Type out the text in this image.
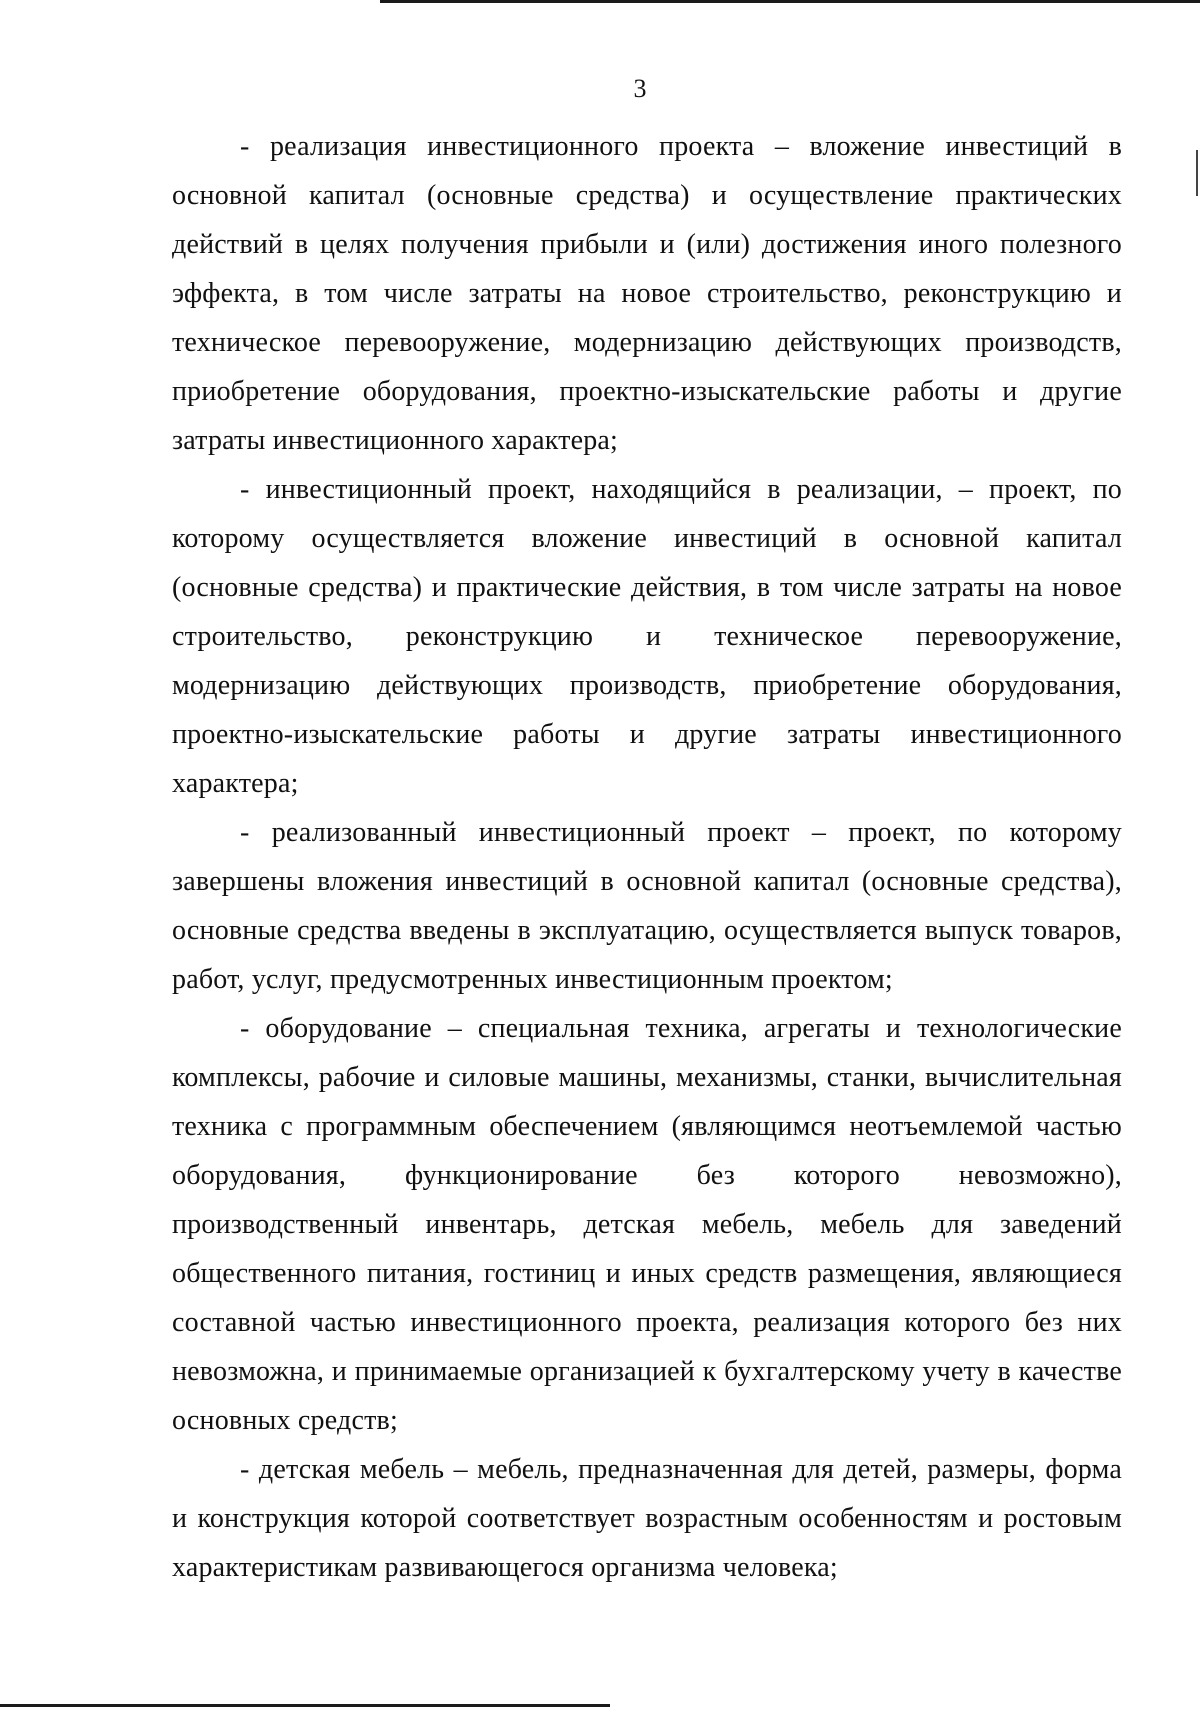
3

- реализация инвестиционного проекта – вложение инвестиций в основной капитал (основные средства) и осуществление практических действий в целях получения прибыли и (или) достижения иного полезного эффекта, в том числе затраты на новое строительство, реконструкцию и техническое перевооружение, модернизацию действующих производств, приобретение оборудования, проектно-изыскательские работы и другие затраты инвестиционного характера;

- инвестиционный проект, находящийся в реализации, – проект, по которому осуществляется вложение инвестиций в основной капитал (основные средства) и практические действия, в том числе затраты на новое строительство, реконструкцию и техническое перевооружение, модернизацию действующих производств, приобретение оборудования, проектно-изыскательские работы и другие затраты инвестиционного характера;

- реализованный инвестиционный проект – проект, по которому завершены вложения инвестиций в основной капитал (основные средства), основные средства введены в эксплуатацию, осуществляется выпуск товаров, работ, услуг, предусмотренных инвестиционным проектом;

- оборудование – специальная техника, агрегаты и технологические комплексы, рабочие и силовые машины, механизмы, станки, вычислительная техника с программным обеспечением (являющимся неотъемлемой частью оборудования, функционирование без которого невозможно), производственный инвентарь, детская мебель, мебель для заведений общественного питания, гостиниц и иных средств размещения, являющиеся составной частью инвестиционного проекта, реализация которого без них невозможна, и принимаемые организацией к бухгалтерскому учету в качестве основных средств;

- детская мебель – мебель, предназначенная для детей, размеры, форма и конструкция которой соответствует возрастным особенностям и ростовым характеристикам развивающегося организма человека;
